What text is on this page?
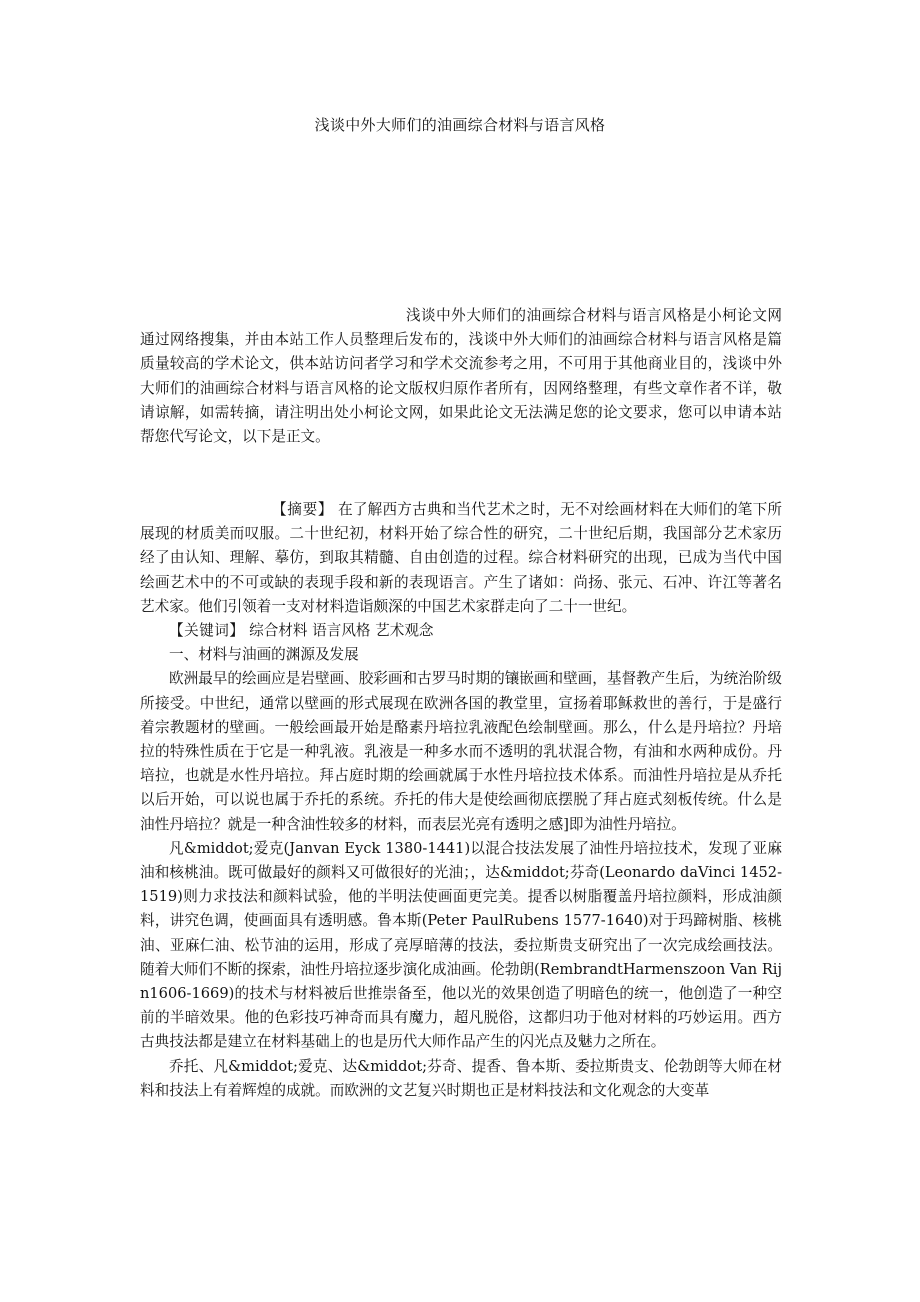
浅谈中外大师们的油画综合材料与语言风格
浅谈中外大师们的油画综合材料与语言风格是小柯论文网通过网络搜集，并由本站工作人员整理后发布的，浅谈中外大师们的油画综合材料与语言风格是篇质量较高的学术论文，供本站访问者学习和学术交流参考之用，不可用于其他商业目的，浅谈中外大师们的油画综合材料与语言风格的论文版权归原作者所有，因网络整理，有些文章作者不详，敬请谅解，如需转摘，请注明出处小柯论文网，如果此论文无法满足您的论文要求，您可以申请本站帮您代写论文，以下是正文。

【摘要】 在了解西方古典和当代艺术之时，无不对绘画材料在大师们的笔下所展现的材质美而叹服。二十世纪初，材料开始了综合性的研究，二十世纪后期，我国部分艺术家历经了由认知、理解、摹仿，到取其精髓、自由创造的过程。综合材料研究的出现，已成为当代中国绘画艺术中的不可或缺的表现手段和新的表现语言。产生了诸如：尚扬、张元、石冲、许江等著名艺术家。他们引领着一支对材料造诣颇深的中国艺术家群走向了二十一世纪。

【关键词】 综合材料 语言风格 艺术观念

一、材料与油画的渊源及发展

欧洲最早的绘画应是岩壁画、胶彩画和古罗马时期的镶嵌画和壁画，基督教产生后，为统治阶级所接受。中世纪，通常以壁画的形式展现在欧洲各国的教堂里，宣扬着耶稣救世的善行，于是盛行着宗教题材的壁画。一般绘画最开始是酪素丹培拉乳液配色绘制壁画。那么，什么是丹培拉？丹培拉的特殊性质在于它是一种乳液。乳液是一种多水而不透明的乳状混合物，有油和水两种成份。丹培拉，也就是水性丹培拉。拜占庭时期的绘画就属于水性丹培拉技术体系。而油性丹培拉是从乔托以后开始，可以说也属于乔托的系统。乔托的伟大是使绘画彻底摆脱了拜占庭式刻板传统。什么是油性丹培拉？就是一种含油性较多的材料，而表层光亮有透明之感]即为油性丹培拉。

凡&middot;爱克(Janvan Eyck 1380-1441)以混合技法发展了油性丹培拉技术，发现了亚麻油和核桃油。既可做最好的颜料又可做很好的光油；，达&middot;芬奇(Leonardo daVinci 1452-1519)则力求技法和颜料试验，他的半明法使画面更完美。提香以树脂覆盖丹培拉颜料，形成油颜料，讲究色调，使画面具有透明感。鲁本斯(Peter PaulRubens 1577-1640)对于玛蹄树脂、核桃油、亚麻仁油、松节油的运用，形成了亮厚暗薄的技法，委拉斯贵支研究出了一次完成绘画技法。随着大师们不断的探索，油性丹培拉逐步演化成油画。伦勃朗(RembrandtHarmenszoon Van Rijn1606-1669)的技术与材料被后世推崇备至，他以光的效果创造了明暗色的统一，他创造了一种空前的半暗效果。他的色彩技巧神奇而具有魔力，超凡脱俗，这都归功于他对材料的巧妙运用。西方古典技法都是建立在材料基础上的也是历代大师作品产生的闪光点及魅力之所在。

乔托、凡&middot;爱克、达&middot;芬奇、提香、鲁本斯、委拉斯贵支、伦勃朗等大师在材料和技法上有着辉煌的成就。而欧洲的文艺复兴时期也正是材料技法和文化观念的大变革
